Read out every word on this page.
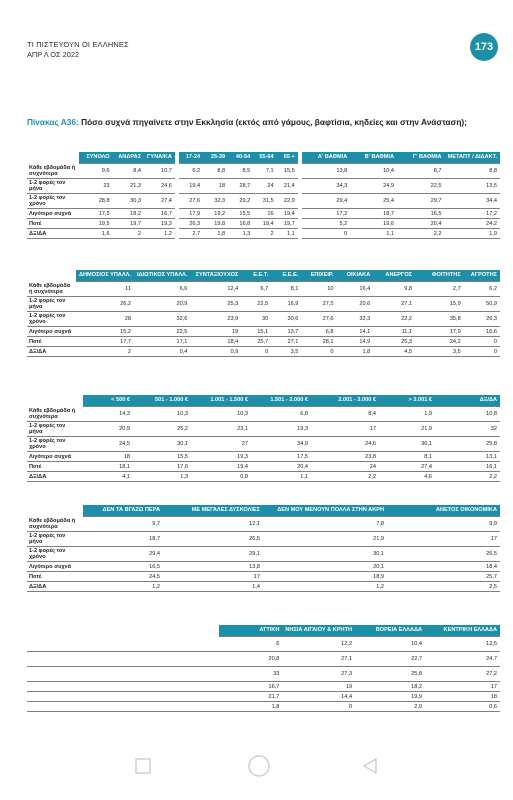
ΤΙ ΠΙΣΤΕΥΟΥΝ ΟΙ ΕΛΛΗΝΕΣ
ΑΠΡ Λ ΟΣ 2022
173
Πίνακας Α36: Πόσο συχνά πηγαίνετε στην Εκκλησία (εκτός από γάμους, βαφτίσια, κηδείες και στην Ανάσταση);
	ΣΥΝΟΛΟ	ΑΝΔΡΑΣ	ΓΥΝΑΙΚΑ	17-24	25-39	40-54	55-64	65 +	Α' ΒΑΘΜΙΑ	Β' ΒΑΘΜΙΑ	Γ' ΒΑΘΜΙΑ	ΜΕΤΑΠΤ / ΔΙΔΑΚΤ.
Κάθε εβδομάδα ή συχνότερα	9,6	8,4	10,7	6,2	8,8	8,5	7,1	15,5	13,8	10,4	8,7	8,8
1-2 φορές τον μήνα	23	21,3	24,6	19,4	18	28,7	24	21,4	34,3	24,9	22,5	13,5
1-2 φορές τον χρόνο	28,8	30,3	27,4	27,6	32,3	29,2	31,5	22,9	29,4	25,4	29,7	34,4
Λιγότερο συχνά	17,5	18,2	16,7	17,9	19,2	15,5	16	19,4	17,2	18,7	16,5	17,2
Ποτέ	19,5	19,7	19,3	26,3	19,8	16,8	19,4	19,7	5,2	19,6	20,4	24,2
ΔΞ/ΔΑ	1,6	2	1,2	2,7	1,8	1,3	2	1,1	0	1,1	2,2	1,9
	ΔΗΜΟΣΙΟΣ ΥΠΑΛΛ.	ΙΔΙΩΤΙΚΟΣ ΥΠΑΛΛ.	ΣΥΝΤΑΞΙΟΥΧΟΣ	Ε.Ε.Τ.	Ε.Ε.Ε.	ΕΠΙΧΕΙΡ.	ΟΙΚΙΑΚΑ	ΑΝΕΡΓΟΣ	ΦΟΙΤΗΤΗΣ	ΑΓΡΟΤΗΣ
Κάθε εβδομάδα ή συχνότερα	11	6,6	12,4	6,7	8,1	10	16,4	9,8	2,7	6,2
1-2 φορές τον μήνα	26,2	20,9	25,3	22,5	16,9	27,5	20,6	27,1	15,9	50,9
1-2 φορές τον χρόνο	28	32,6	23,9	30	30,6	27,6	32,3	22,2	35,8	26,3
Λιγότερο συχνά	15,2	22,5	19	15,1	13,7	6,8	14,1	11,1	17,9	16,6
Ποτέ	17,7	17,1	18,4	25,7	27,1	28,1	14,9	25,3	24,2	0
ΔΞ/ΔΑ	2	0,4	0,9	0	3,5	0	1,8	4,5	3,5	0
	< 500 €	501 - 1.000 €	1.001 - 1.500 €	1.501 - 2.000 €	2.001 - 3.000 €	> 3.001 €	ΔΞ/ΔΑ
Κάθε εβδομάδα ή συχνότερα	14,3	10,3	10,3	6,8	8,4	1,9	10,8
1-2 φορές τον μήνα	20,9	25,2	23,1	19,3	17	21,9	32
1-2 φορές τον χρόνο	24,5	30,1	27	34,9	24,6	36,1	25,8
Λιγότερο συχνά	18	15,5	19,3	17,5	23,8	8,1	13,1
Ποτέ	18,1	17,6	19,4	20,4	24	27,4	16,1
ΔΞ/ΔΑ	4,1	1,3	0,8	1,1	2,2	4,6	2,2
	ΔΕΝ ΤΑ ΒΓΑΖΩ ΠΕΡΑ	ΜΕ ΜΕΓΑΛΕΣ ΔΥΣΚΟΛΙΕΣ	ΔΕΝ ΜΟΥ ΜΕΝΟΥΝ ΠΟΛΛΑ ΣΤΗΝ ΑΚΡΗ	ΑΝΕΤΟΣ ΟΙΚΟΝΟΜΙΚΑ
Κάθε εβδομάδα ή συχνότερα	9,7	12,1	7,8	9,9
1-2 φορές τον μήνα	18,7	26,5	21,9	17
1-2 φορές τον χρόνο	29,4	29,1	30,1	26,5
Λιγότερο συχνά	16,5	13,8	20,1	18,4
Ποτέ	24,5	17	18,9	25,7
ΔΞ/ΔΑ	1,2	1,4	1,2	2,5
	ΑΤΤΙΚΗ	ΝΗΣΙΑ ΑΙΓΑΙΟΥ & ΚΡΗΤΗ	ΒΟΡΕΙΑ ΕΛΛΑΔΑ	ΚΕΝΤΡΙΚΗ ΕΛΛΑΔΑ
	6	12,2	10,4	12,5
	20,8	27,1	22,7	24,7
	33	27,3	25,8	27,2
	16,7	19	18,2	17
	21,7	14,4	19,9	18
	1,8	0	2,9	0,6
